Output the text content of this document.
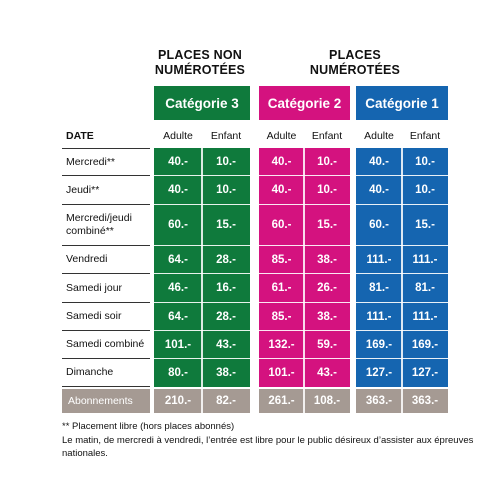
PLACES NON NUMÉROTÉES
PLACES NUMÉROTÉES
Catégorie 3	Catégorie 2	Catégorie 1
DATE	Adulte	Enfant	Adulte	Enfant	Adulte	Enfant
Mercredi**	40.-	10.-	40.-	10.-	40.-	10.-
Jeudi**	40.-	10.-	40.-	10.-	40.-	10.-
Mercredi/jeudi combiné**	60.-	15.-	60.-	15.-	60.-	15.-
Vendredi	64.-	28.-	85.-	38.-	111.-	111.-
Samedi jour	46.-	16.-	61.-	26.-	81.-	81.-
Samedi soir	64.-	28.-	85.-	38.-	111.-	111.-
Samedi combiné	101.-	43.-	132.-	59.-	169.-	169.-
Dimanche	80.-	38.-	101.-	43.-	127.-	127.-
Abonnements	210.-	82.-	261.-	108.-	363.-	363.-
** Placement libre (hors places abonnés)
Le matin, de mercredi à vendredi, l’entrée est libre pour le public désireux d’assister aux épreuves
nationales.
